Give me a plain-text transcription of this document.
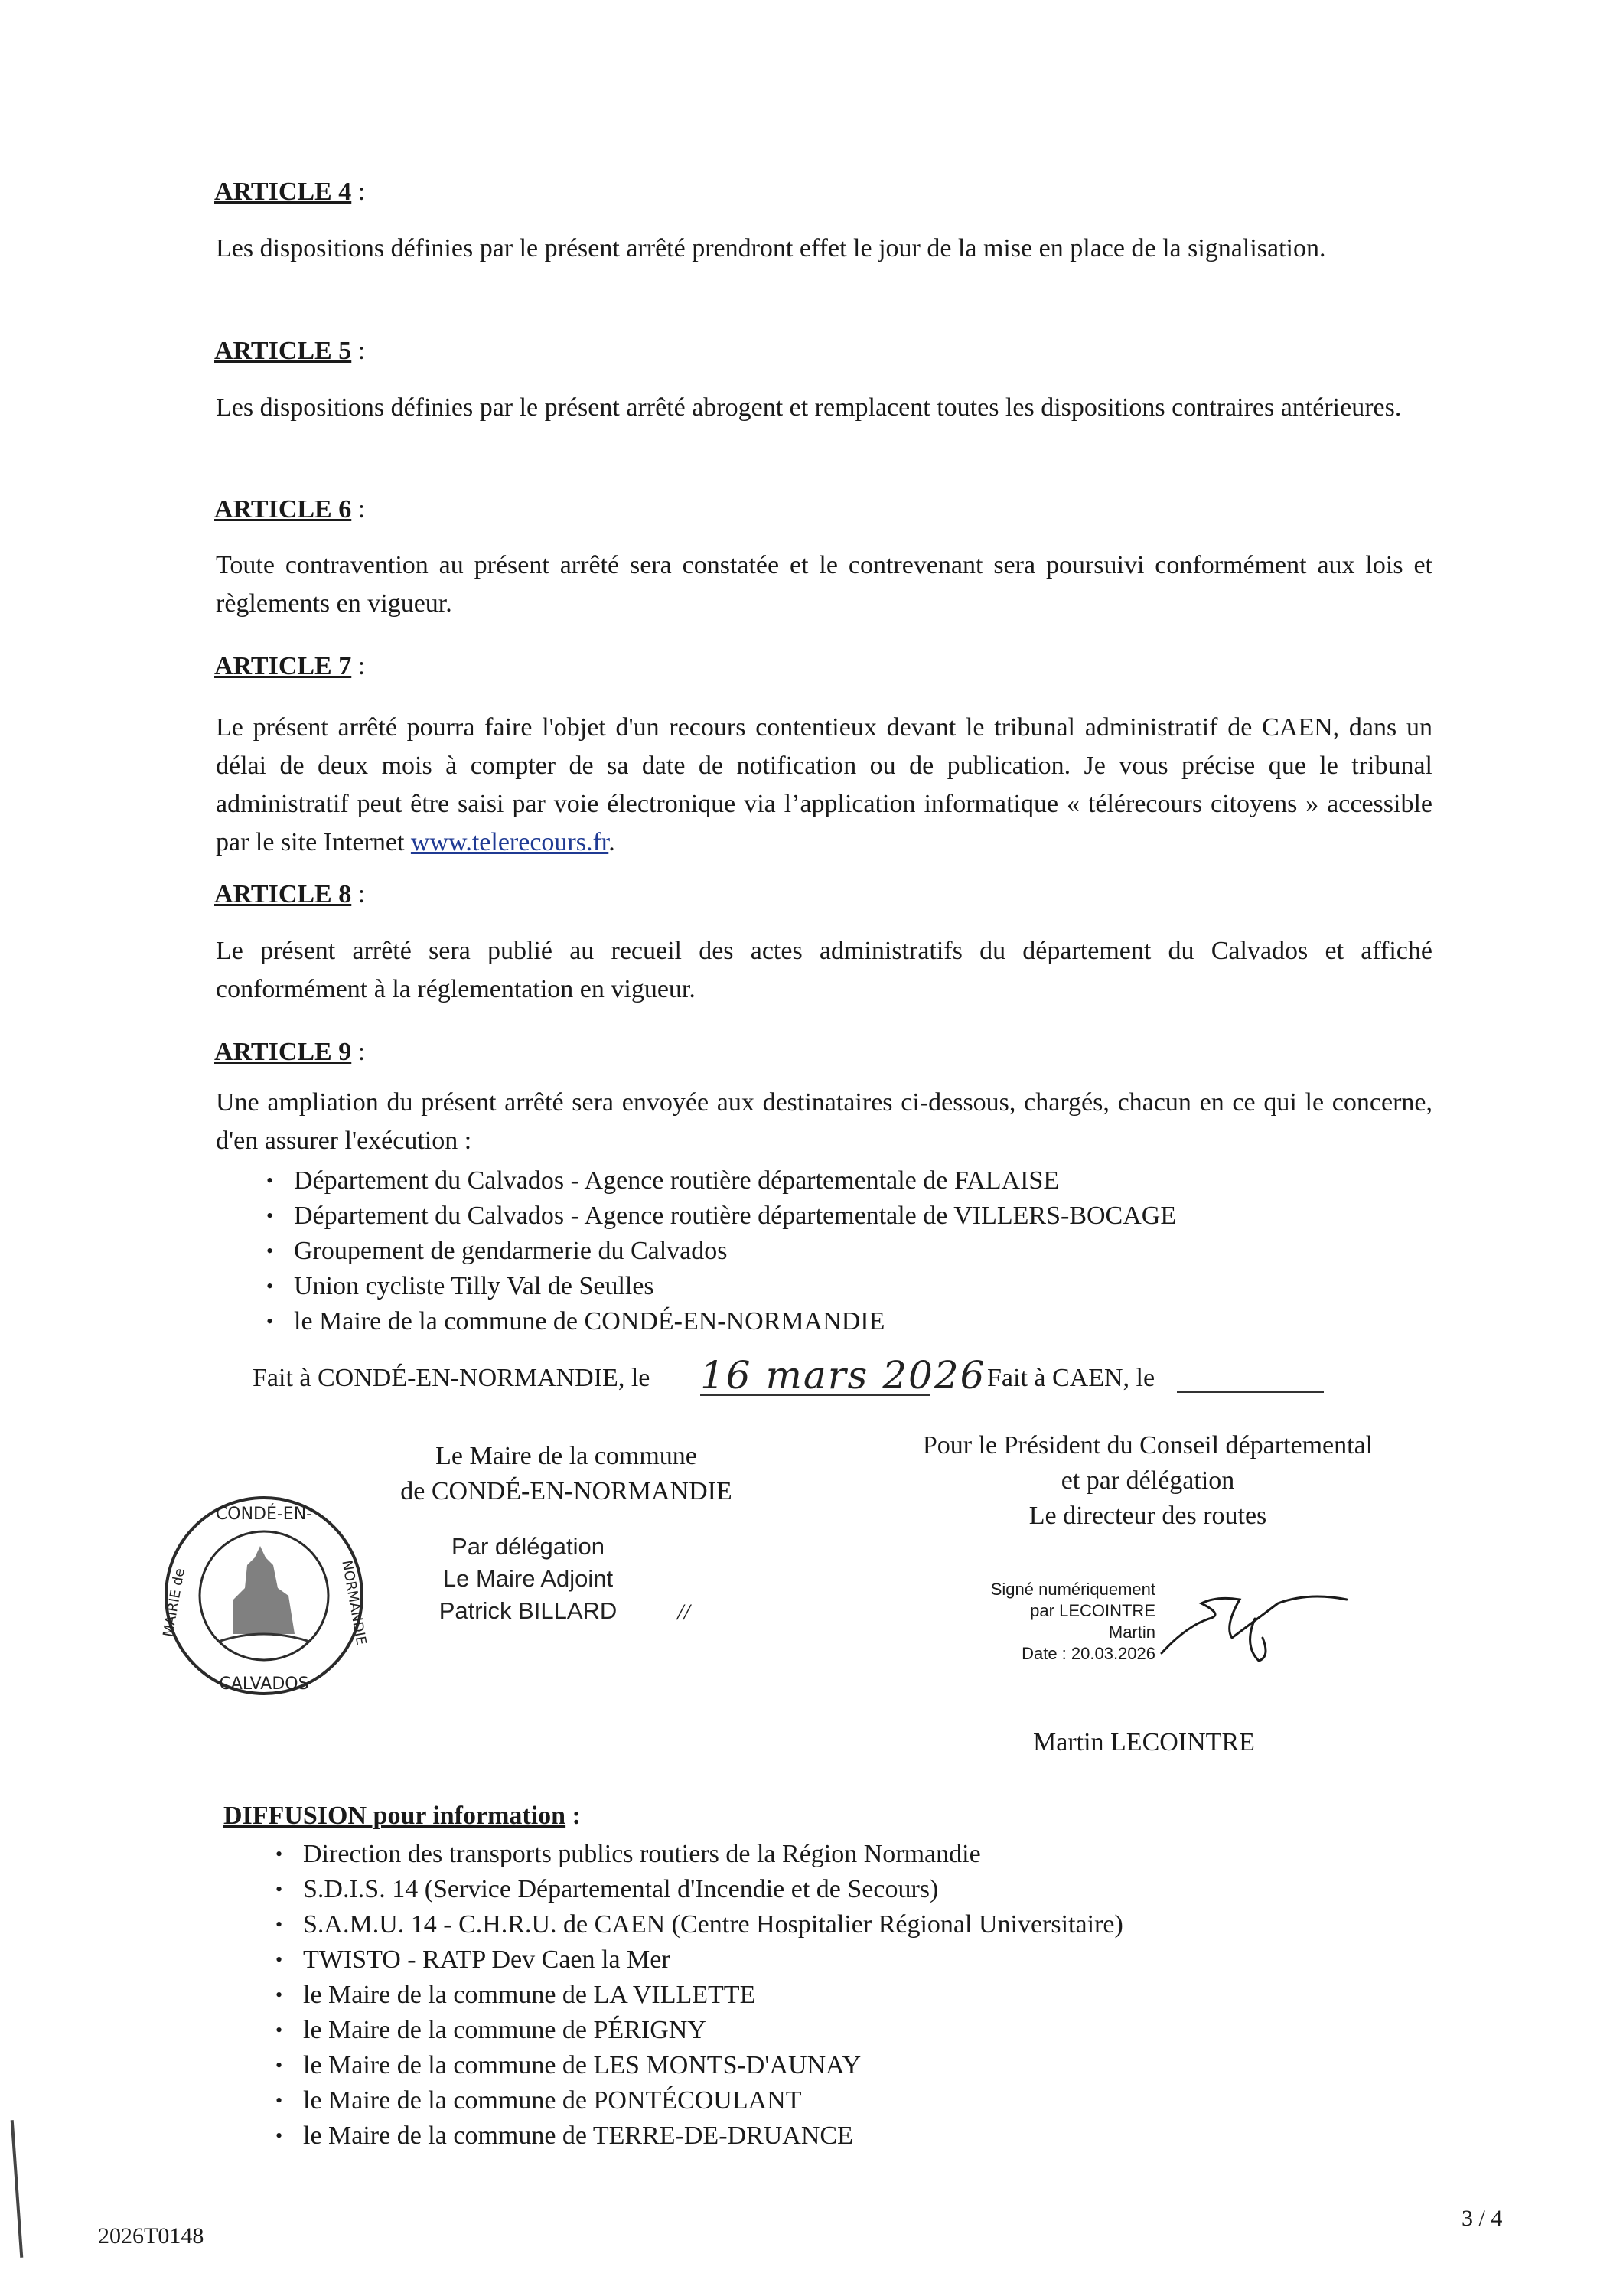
ARTICLE 4 :
Les dispositions définies par le présent arrêté prendront effet le jour de la mise en place de la signalisation.
ARTICLE 5 :
Les dispositions définies par le présent arrêté abrogent et remplacent toutes les dispositions contraires antérieures.
ARTICLE 6 :
Toute contravention au présent arrêté sera constatée et le contrevenant sera poursuivi conformément aux lois et règlements en vigueur.
ARTICLE 7 :
Le présent arrêté pourra faire l'objet d'un recours contentieux devant le tribunal administratif de CAEN, dans un délai de deux mois à compter de sa date de notification ou de publication. Je vous précise que le tribunal administratif peut être saisi par voie électronique via l’application informatique « télérecours citoyens » accessible par le site Internet www.telerecours.fr.
ARTICLE 8 :
Le présent arrêté sera publié au recueil des actes administratifs du département du Calvados et affiché conformément à la réglementation en vigueur.
ARTICLE 9 :
Une ampliation du présent arrêté sera envoyée aux destinataires ci-dessous, chargés, chacun en ce qui le concerne, d'en assurer l'exécution :
• Département du Calvados - Agence routière départementale de FALAISE
• Département du Calvados - Agence routière départementale de VILLERS-BOCAGE
• Groupement de gendarmerie du Calvados
• Union cycliste Tilly Val de Seulles
• le Maire de la commune de CONDÉ-EN-NORMANDIE
Fait à CONDÉ-EN-NORMANDIE, le 16 mars 2026 Fait à CAEN, le
Le Maire de la commune
de CONDÉ-EN-NORMANDIE
CONDÉ-EN-
CALVADOS
MAIRIE de	NORMANDIE
Par délégation
Le Maire Adjoint
Patrick BILLARD	//
Pour le Président du Conseil départemental
et par délégation
Le directeur des routes
Signé numériquement
par LECOINTRE
Martin
Date : 20.03.2026
Martin LECOINTRE
DIFFUSION pour information :
• Direction des transports publics routiers de la Région Normandie
• S.D.I.S. 14 (Service Départemental d'Incendie et de Secours)
• S.A.M.U. 14 - C.H.R.U. de CAEN (Centre Hospitalier Régional Universitaire)
• TWISTO - RATP Dev Caen la Mer
• le Maire de la commune de LA VILLETTE
• le Maire de la commune de PÉRIGNY
• le Maire de la commune de LES MONTS-D'AUNAY
• le Maire de la commune de PONTÉCOULANT
• le Maire de la commune de TERRE-DE-DRUANCE
2026T0148
3 / 4
